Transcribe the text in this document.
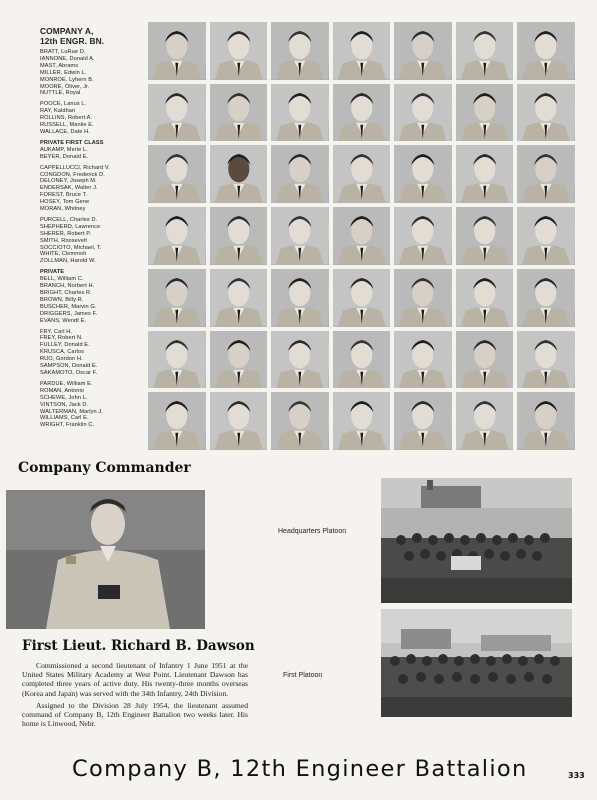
COMPANY A,
12th ENGR. BN.
BRATT, LuRue D.
IANNONE, Donald A.
MAST, Abrams
MILLER, Edwin L.
MONROE, Lyhern B.
MOORE, Oliver, Jr.
NUTTLE, Royal
POOCE, Lanus L.
RAY, Kaldhan
ROLLINS, Robert A.
RUSSELL, Manlie E.
WALLACE, Dale H.
PRIVATE FIRST CLASS
AUKAMP, Merle L.
BEYER, Donald E.
CAPPELLUCCI, Richard V.
CONGDON, Frederick D.
DELONEY, Joseph M.
ENDERSAK, Walter J.
FOREST, Bruce T.
HOSEY, Tom Gene
MORAN, Whitney
PURCELL, Charles D.
SHEPHERD, Lawrence
SHERER, Robert P.
SMITH, Roosevelt
SOCCIOTO, Michael, T.
WHITE, Clemmoh
ZOLLMAN, Harold W.
PRIVATE
BELL, William C.
BRANCH, Norbert H.
BRIGHT, Charles R.
BROWN, Billy R.
BUSCHER, Marvin G.
DRIGGERS, James F.
EVANS, Wendt E.
FRY, Carl H.
FREY, Robert N.
FULLEY, Donald E.
KRUSCA, Carlos
RUO, Gordon H.
SAMPSON, Donald E.
SAKAMOTO, Oscar F.
PARDUE, William E.
ROMAN, Antonio
SCHEWE, John L.
VINTSON, Jack D.
WALTERMAN, Marlyn J.
WILLIAMS, Carl E.
WRIGHT, Franklin C.
Company Commander
First Lieut. Richard B. Dawson

Commissioned a second lieutenant of Infantry 1 June 1951 at the United States Military Academy at West Point. Lieutenant Dawson has completed three years of active duty. His twenty-three months overseas (Korea and Japan) was served with the 34th Infantry, 24th Division.

Assigned to the Division 28 July 1954, the lieutenant assumed command of Company B, 12th Engineer Battalion two weeks later. His home is Linwood, Nebr.

Headquarters Platoon
First Platoon
Company B, 12th Engineer Battalion	333
